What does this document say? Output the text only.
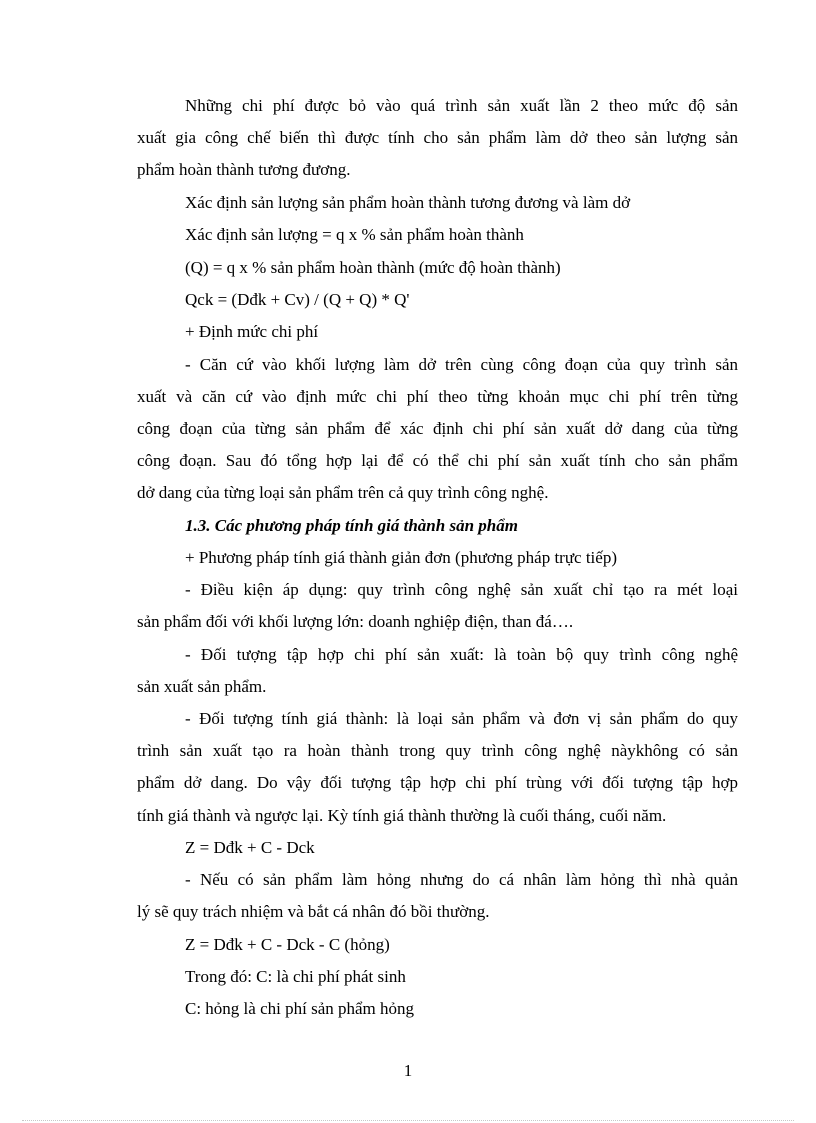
Những chi phí được bỏ vào quá trình sản xuất lần 2 theo mức độ sản
xuất gia công chế biến thì được tính cho sản phẩm làm dở theo sản lượng sản
phẩm hoàn thành tương đương.
Xác định sản lượng sản phẩm hoàn thành tương đương và làm dở
Xác định sản lượng = q x % sản phẩm hoàn thành
(Q) = q x % sản phẩm hoàn thành (mức độ hoàn thành)
Qck = (Dđk + Cv) / (Q + Q) * Q'
+ Định mức chi phí
- Căn cứ vào khối lượng làm dở trên cùng công đoạn của quy trình sản
xuất và căn cứ vào định mức chi phí theo từng khoản mục chi phí trên từng
công đoạn của từng sản phẩm để xác định chi phí sản xuất dở dang của từng
công đoạn. Sau đó tổng hợp lại để có thể chi phí sản xuất tính cho sản phẩm
dở dang của từng loại sản phẩm trên cả quy trình công nghệ.
1.3. Các phương pháp tính giá thành sản phẩm
+ Phương pháp tính giá thành giản đơn (phương pháp trực tiếp)
- Điều kiện áp dụng: quy trình công nghệ sản xuất chỉ tạo ra mét loại
sản phẩm đối với khối lượng lớn: doanh nghiệp điện, than đá….
- Đối tượng tập hợp chi phí sản xuất: là toàn bộ quy trình công nghệ
sản xuất sản phẩm.
- Đối tượng tính giá thành: là loại sản phẩm và đơn vị sản phẩm do quy
trình sản xuất tạo ra hoàn thành trong quy trình công nghệ nàykhông có sản
phẩm dở dang. Do vậy đối tượng tập hợp chi phí trùng với đối tượng tập hợp
tính giá thành và ngược lại. Kỳ tính giá thành thường là cuối tháng, cuối năm.
Z = Dđk + C - Dck
- Nếu có sản phẩm làm hỏng nhưng do cá nhân làm hỏng thì nhà quản
lý sẽ quy trách nhiệm và bắt cá nhân đó bồi thường.
Z = Dđk + C - Dck - C (hỏng)
Trong đó: C: là chi phí phát sinh
C: hỏng là chi phí sản phẩm hỏng
1
